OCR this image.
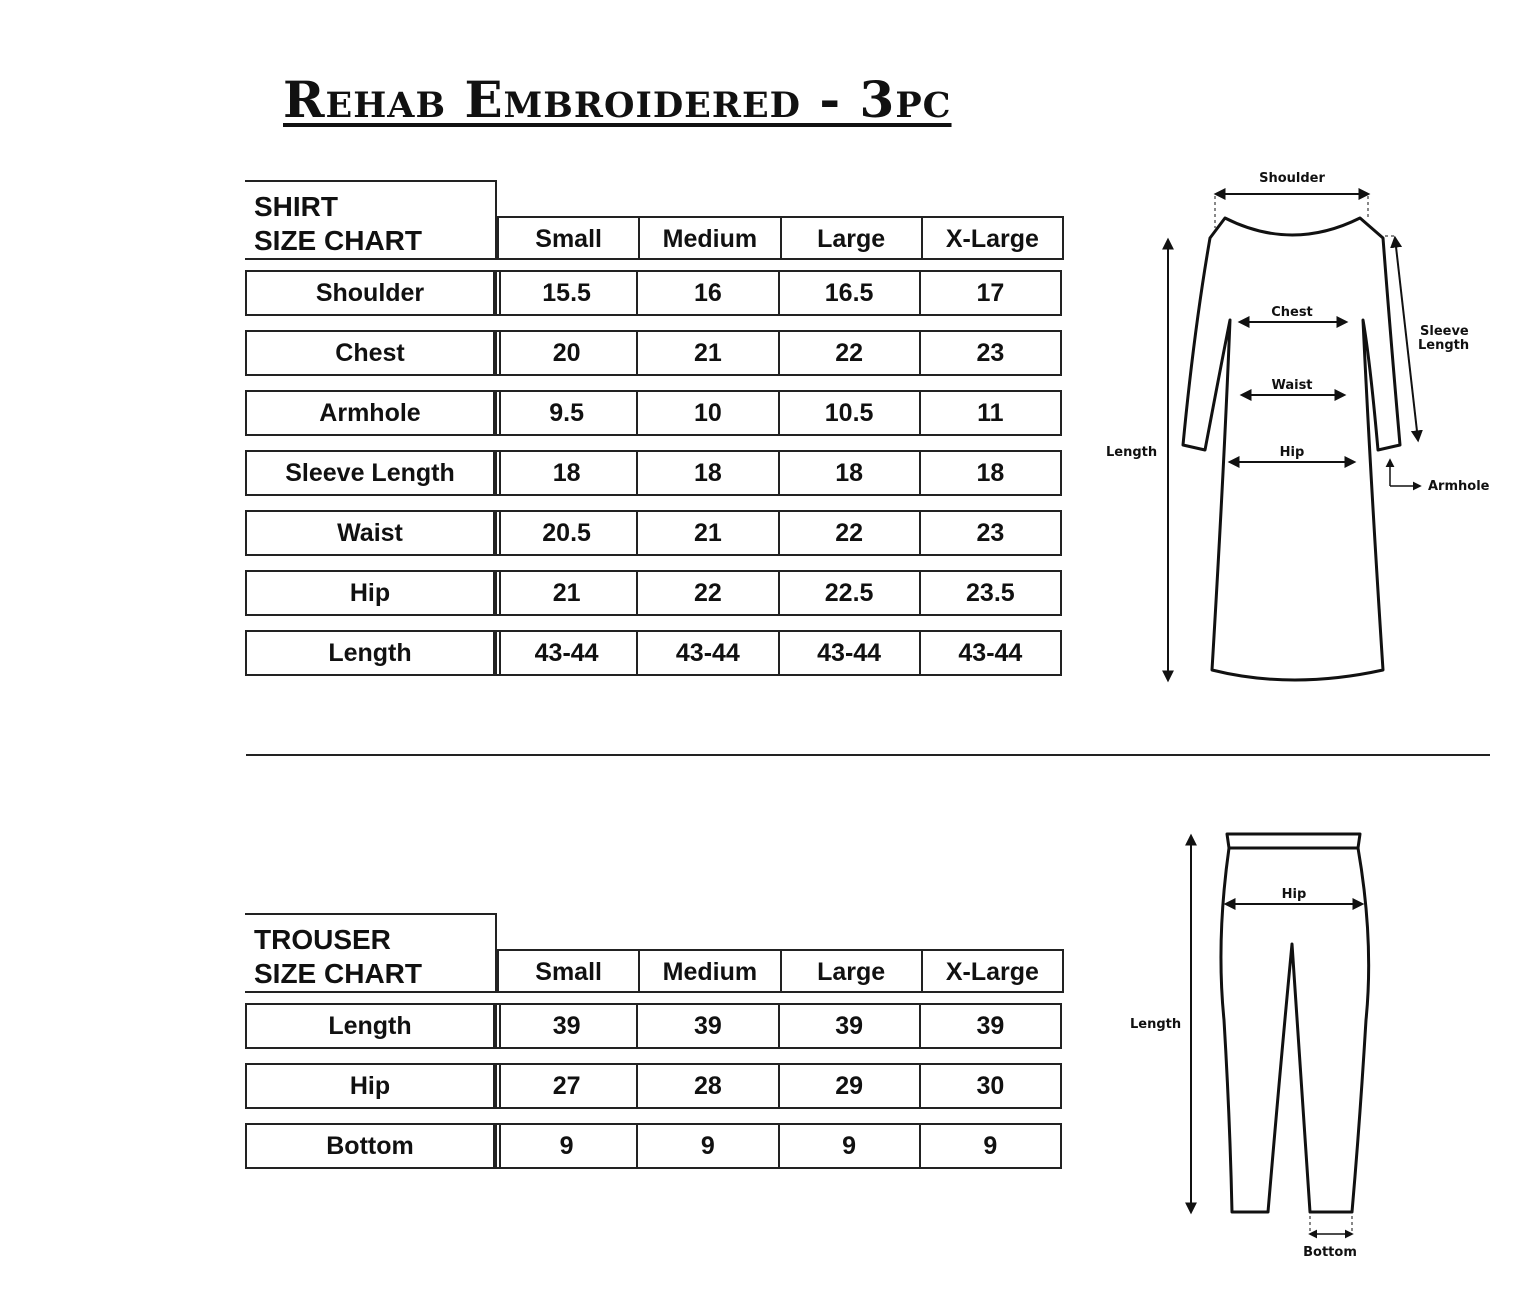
Rehab Embroidered - 3pc
SHIRT
SIZE CHART	Small	Medium	Large	X-Large
Shoulder	15.5	16	16.5	17
Chest	20	21	22	23
Armhole	9.5	10	10.5	11
Sleeve Length	18	18	18	18
Waist	20.5	21	22	23
Hip	21	22	22.5	23.5
Length	43-44	43-44	43-44	43-44
Shoulder
Chest
Waist
Hip
Length
Sleeve
Length
Armhole
TROUSER
SIZE CHART	Small	Medium	Large	X-Large
Length	39	39	39	39
Hip	27	28	29	30
Bottom	9	9	9	9
Hip
Length
Bottom
